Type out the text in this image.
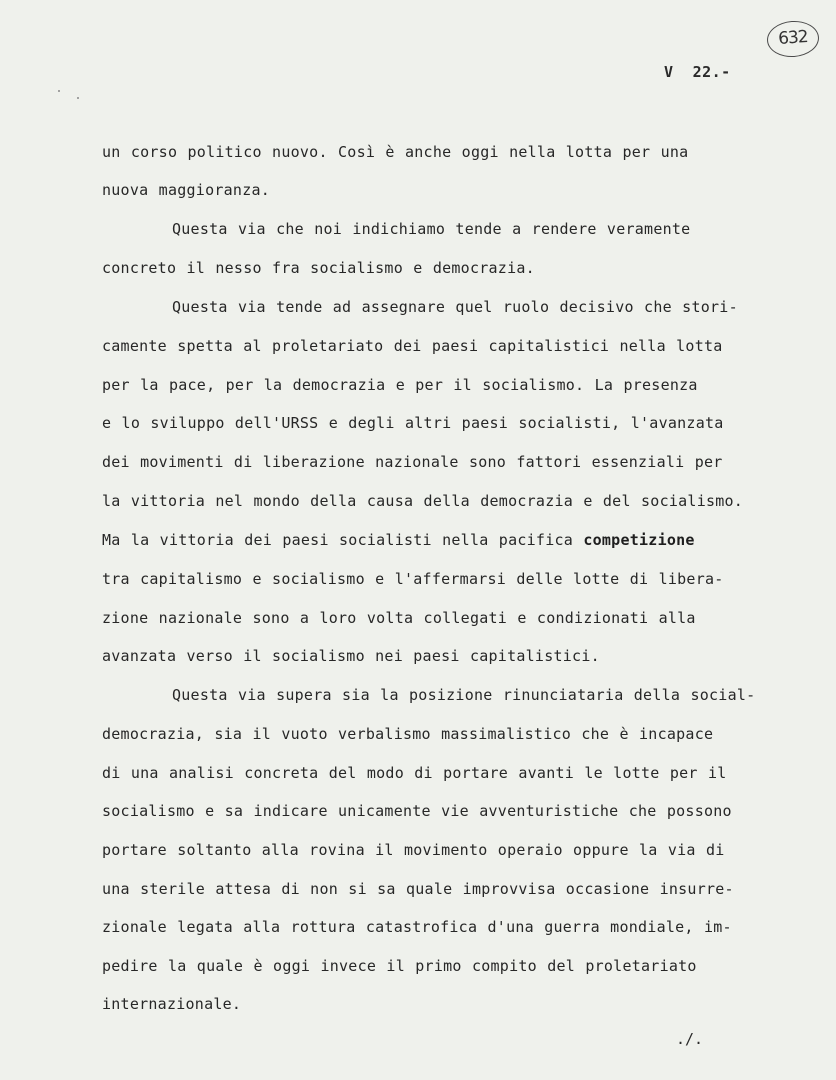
632
V  22.-
un corso politico nuovo. Così è anche oggi nella lotta per una
nuova maggioranza.
Questa via che noi indichiamo tende a rendere veramente
concreto il nesso fra socialismo e democrazia.
Questa via tende ad assegnare quel ruolo decisivo che stori-
camente spetta al proletariato dei paesi capitalistici nella lotta
per la pace, per la democrazia e per il socialismo. La presenza
e lo sviluppo dell'URSS e degli altri paesi socialisti, l'avanzata
dei movimenti di liberazione nazionale sono fattori essenziali per
la vittoria nel mondo della causa della democrazia e del socialismo.
Ma la vittoria dei paesi socialisti nella pacifica competizione
tra capitalismo e socialismo e l'affermarsi delle lotte di libera-
zione nazionale sono a loro volta collegati e condizionati alla
avanzata verso il socialismo nei paesi capitalistici.
Questa via supera sia la posizione rinunciataria della social-
democrazia, sia il vuoto verbalismo massimalistico che è incapace
di una analisi concreta del modo di portare avanti le lotte per il
socialismo e sa indicare unicamente vie avventuristiche che possono
portare soltanto alla rovina il movimento operaio oppure la via di
una sterile attesa di non si sa quale improvvisa occasione insurre-
zionale legata alla rottura catastrofica d'una guerra mondiale, im-
pedire la quale è oggi invece il primo compito del proletariato
internazionale.
./.
